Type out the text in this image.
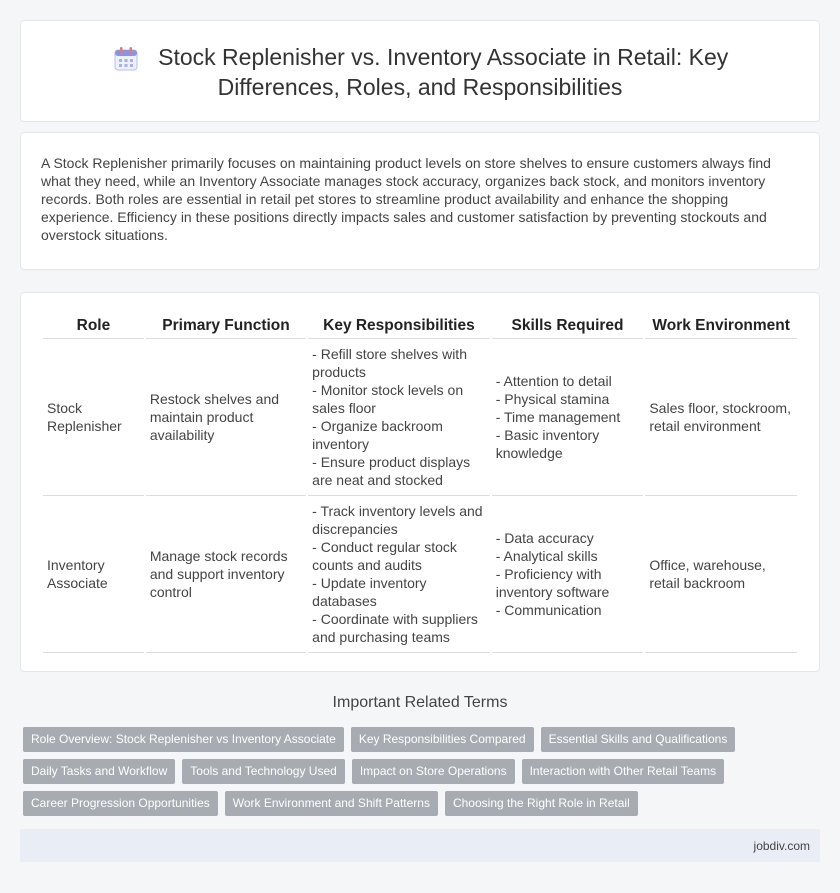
Stock Replenisher vs. Inventory Associate in Retail: Key
Differences, Roles, and Responsibilities

A Stock Replenisher primarily focuses on maintaining product levels on store shelves to ensure customers always find what they need, while an Inventory Associate manages stock accuracy, organizes back stock, and monitors inventory records. Both roles are essential in retail pet stores to streamline product availability and enhance the shopping experience. Efficiency in these positions directly impacts sales and customer satisfaction by preventing stockouts and overstock situations.

Role	Primary Function	Key Responsibilities	Skills Required	Work Environment
Stock Replenisher	Restock shelves and maintain product availability	- Refill store shelves with products
- Monitor stock levels on sales floor
- Organize backroom inventory
- Ensure product displays are neat and stocked	- Attention to detail
- Physical stamina
- Time management
- Basic inventory knowledge	Sales floor, stockroom, retail environment
Inventory Associate	Manage stock records and support inventory control	- Track inventory levels and discrepancies
- Conduct regular stock counts and audits
- Update inventory databases
- Coordinate with suppliers and purchasing teams	- Data accuracy
- Analytical skills
- Proficiency with inventory software
- Communication	Office, warehouse, retail backroom
Important Related Terms
Role Overview: Stock Replenisher vs Inventory Associate	Key Responsibilities Compared	Essential Skills and Qualifications
Daily Tasks and Workflow	Tools and Technology Used	Impact on Store Operations	Interaction with Other Retail Teams
Career Progression Opportunities	Work Environment and Shift Patterns	Choosing the Right Role in Retail
jobdiv.com
